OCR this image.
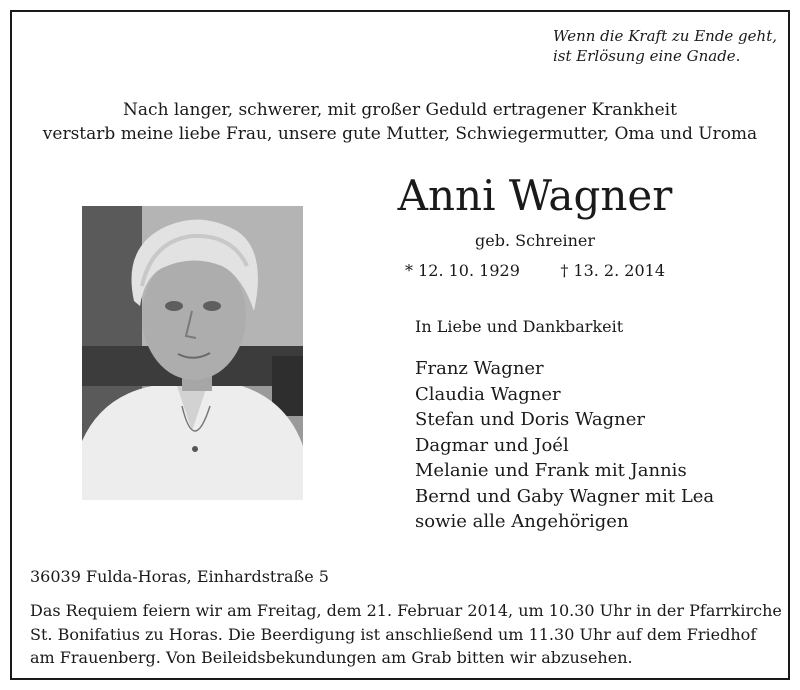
Wenn die Kraft zu Ende geht,
ist Erlösung eine Gnade.
Nach langer, schwerer, mit großer Geduld ertragener Krankheit
verstarb meine liebe Frau, unsere gute Mutter, Schwiegermutter, Oma und Uroma
Anni Wagner
geb. Schreiner
* 12. 10. 1929	† 13. 2. 2014
In Liebe und Dankbarkeit
Franz Wagner
Claudia Wagner
Stefan und Doris Wagner
Dagmar und Joél
Melanie und Frank mit Jannis
Bernd und Gaby Wagner mit Lea
sowie alle Angehörigen
36039 Fulda-Horas, Einhardstraße 5

Das Requiem feiern wir am Freitag, dem 21. Februar 2014, um 10.30 Uhr in der Pfarrkirche
St. Bonifatius zu Horas. Die Beerdigung ist anschließend um 11.30 Uhr auf dem Friedhof
am Frauenberg. Von Beileidsbekundungen am Grab bitten wir abzusehen.
